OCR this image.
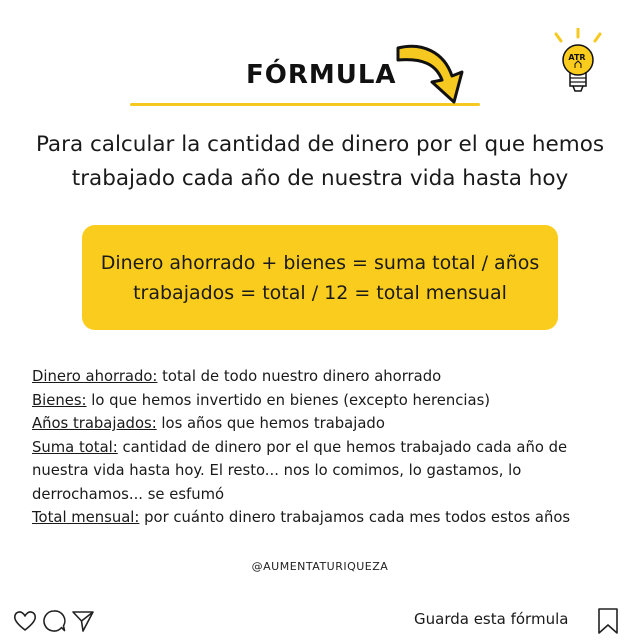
FÓRMULA
ATR
Para calcular la cantidad de dinero por el que hemos trabajado cada año de nuestra vida hasta hoy
Dinero ahorrado + bienes = suma total / años
trabajados = total / 12 = total mensual
Dinero ahorrado: total de todo nuestro dinero ahorrado
Bienes: lo que hemos invertido en bienes (excepto herencias)
Años trabajados: los años que hemos trabajado
Suma total: cantidad de dinero por el que hemos trabajado cada año de nuestra vida hasta hoy. El resto... nos lo comimos, lo gastamos, lo derrochamos... se esfumó
Total mensual: por cuánto dinero trabajamos cada mes todos estos años
@AUMENTATURIQUEZA
Guarda esta fórmula
